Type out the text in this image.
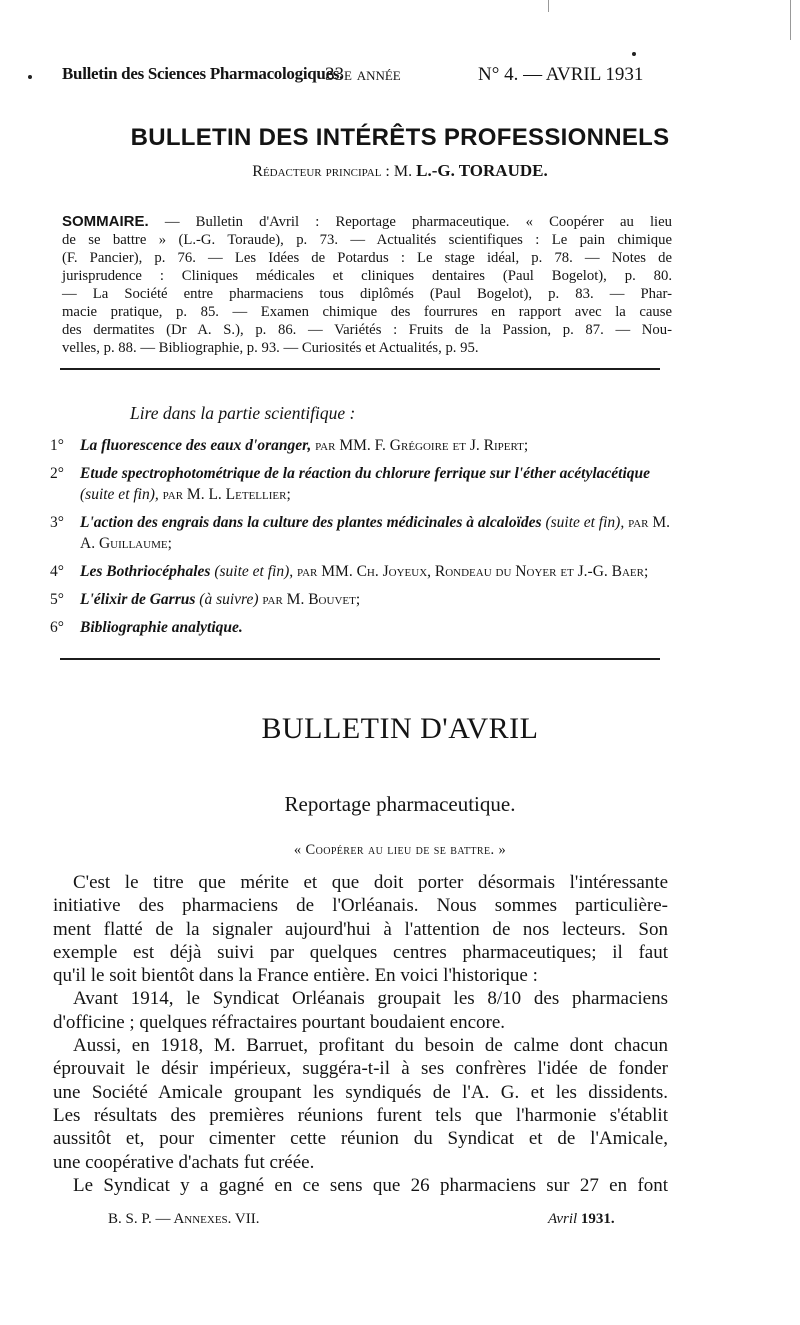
Bulletin des Sciences Pharmacologiques.
33e année	N° 4. — AVRIL 1931
BULLETIN DES INTÉRÊTS PROFESSIONNELS
Rédacteur principal : M. L.-G. TORAUDE.
SOMMAIRE. — Bulletin d'Avril : Reportage pharmaceutique. « Coopérer au lieu
de se battre » (L.-G. Toraude), p. 73. — Actualités scientifiques : Le pain chimique
(F. Pancier), p. 76. — Les Idées de Potardus : Le stage idéal, p. 78. — Notes de
jurisprudence : Cliniques médicales et cliniques dentaires (Paul Bogelot), p. 80.
— La Société entre pharmaciens tous diplômés (Paul Bogelot), p. 83. — Phar-
macie pratique, p. 85. — Examen chimique des fourrures en rapport avec la cause
des dermatites (Dr A. S.), p. 86. — Variétés : Fruits de la Passion, p. 87. — Nou-
velles, p. 88. — Bibliographie, p. 93. — Curiosités et Actualités, p. 95.
Lire dans la partie scientifique :
1° La fluorescence des eaux d'oranger, par MM. F. Grégoire et J. Ripert;
2° Etude spectrophotométrique de la réaction du chlorure ferrique sur l'éther acétylacétique (suite et fin), par M. L. Letellier;
3° L'action des engrais dans la culture des plantes médicinales à alcaloïdes (suite et fin), par M. A. Guillaume;
4° Les Bothriocéphales (suite et fin), par MM. Ch. Joyeux, Rondeau du Noyer et J.-G. Baer;
5° L'élixir de Garrus (à suivre) par M. Bouvet;
6° Bibliographie analytique.
BULLETIN D'AVRIL
Reportage pharmaceutique.
« Coopérer au lieu de se battre. »
C'est le titre que mérite et que doit porter désormais l'intéressante
initiative des pharmaciens de l'Orléanais. Nous sommes particulière-
ment flatté de la signaler aujourd'hui à l'attention de nos lecteurs. Son
exemple est déjà suivi par quelques centres pharmaceutiques; il faut
qu'il le soit bientôt dans la France entière. En voici l'historique :
Avant 1914, le Syndicat Orléanais groupait les 8/10 des pharmaciens
d'officine ; quelques réfractaires pourtant boudaient encore.
Aussi, en 1918, M. Barruet, profitant du besoin de calme dont chacun
éprouvait le désir impérieux, suggéra-t-il à ses confrères l'idée de fonder
une Société Amicale groupant les syndiqués de l'A. G. et les dissidents.
Les résultats des premières réunions furent tels que l'harmonie s'établit
aussitôt et, pour cimenter cette réunion du Syndicat et de l'Amicale,
une coopérative d'achats fut créée.
Le Syndicat y a gagné en ce sens que 26 pharmaciens sur 27 en font
B. S. P. — Annexes. VII.	Avril 1931.
